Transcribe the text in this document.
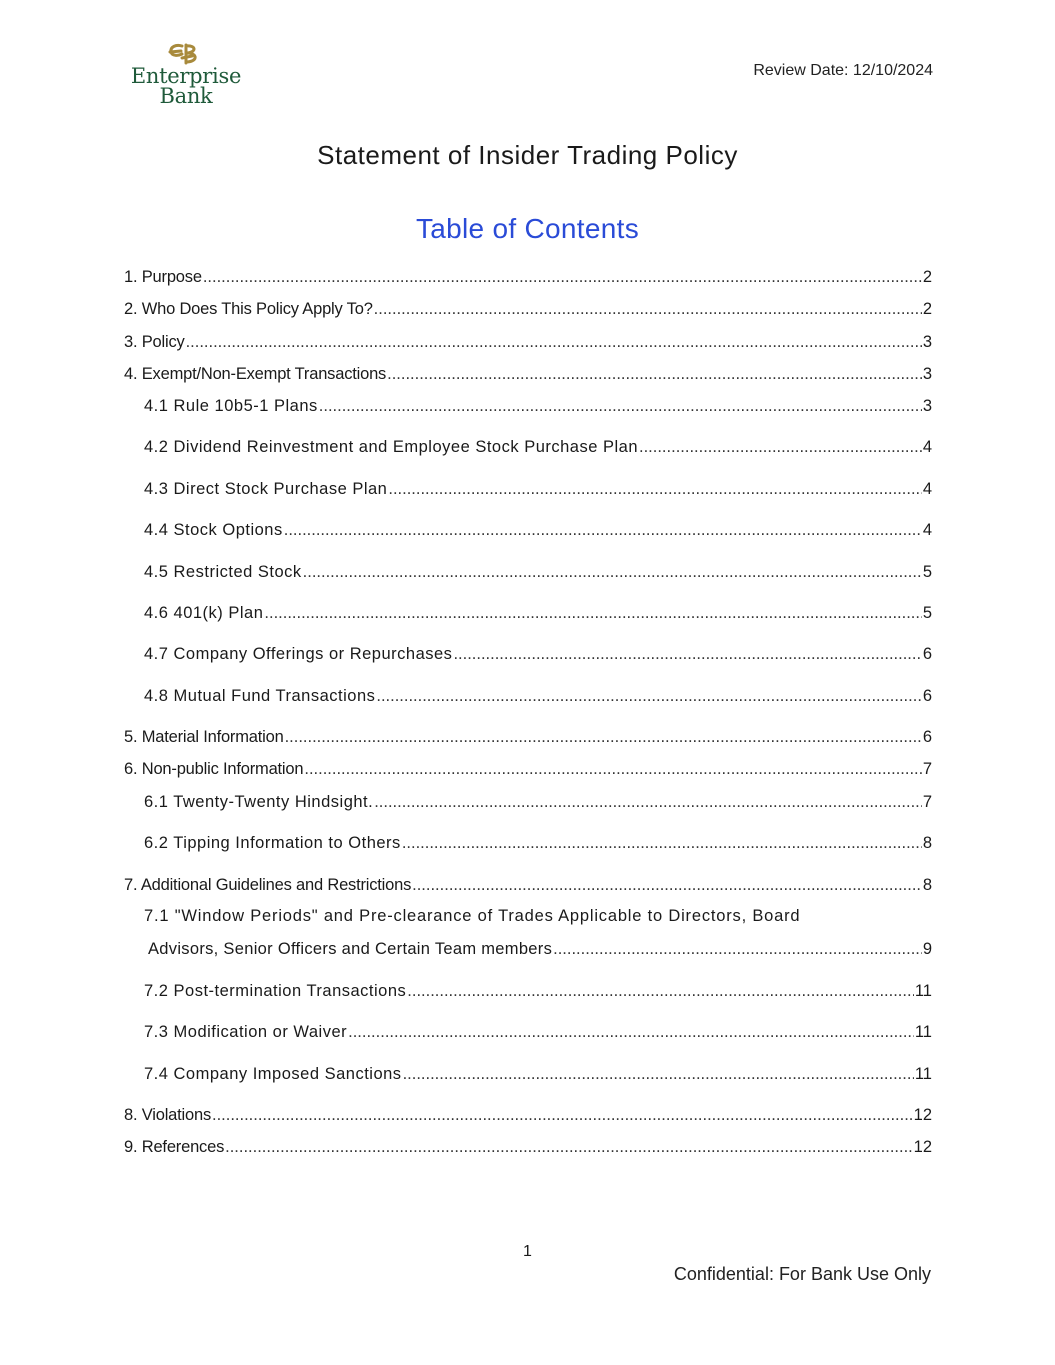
Enterprise
Bank
Review Date: 12/10/2024
Statement of Insider Trading Policy
Table of Contents
1. Purpose .....	2
2. Who Does This Policy Apply To? .....	2
3. Policy .....	3
4. Exempt/Non-Exempt Transactions .....	3
4.1 Rule 10b5-1 Plans .....	3
4.2 Dividend Reinvestment and Employee Stock Purchase Plan .....	4
4.3 Direct Stock Purchase Plan .....	4
4.4 Stock Options .....	4
4.5 Restricted Stock .....	5
4.6 401(k) Plan .....	5
4.7 Company Offerings or Repurchases .....	6
4.8 Mutual Fund Transactions .....	6
5. Material Information .....	6
6. Non-public Information .....	7
6.1 Twenty-Twenty Hindsight. .....	7
6.2 Tipping Information to Others .....	8
7. Additional Guidelines and Restrictions .....	8
7.1 "Window Periods" and Pre-clearance of Trades Applicable to Directors, Board
Advisors, Senior Officers and Certain Team members .....	9
7.2 Post-termination Transactions .....	11
7.3 Modification or Waiver .....	11
7.4 Company Imposed Sanctions .....	11
8. Violations .....	12
9. References .....	12
1
Confidential: For Bank Use Only
